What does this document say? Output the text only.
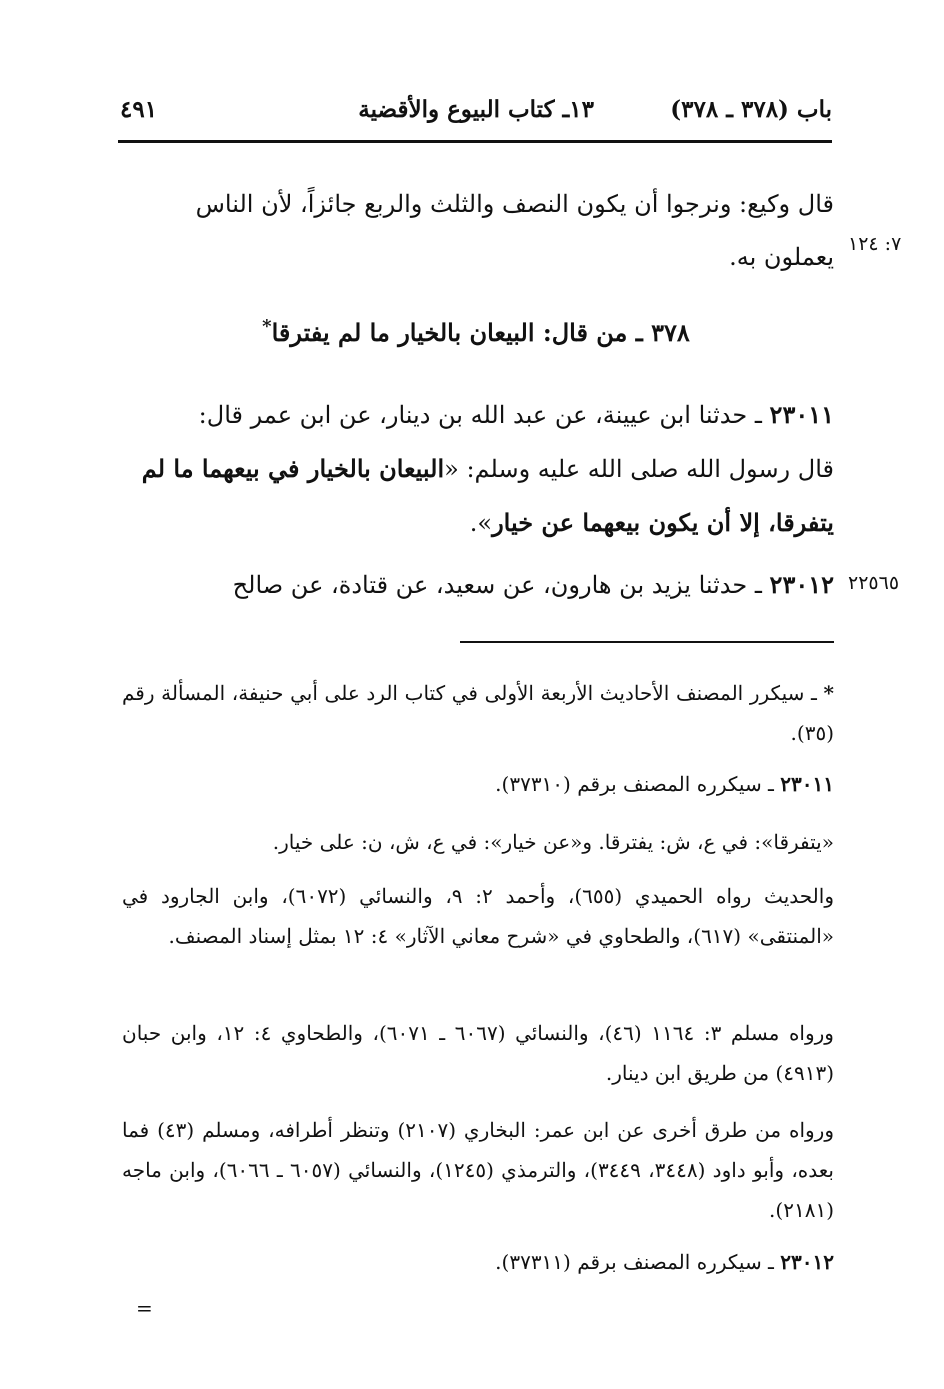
باب (٣٧٨ ـ ٣٧٨)
١٣ـ كتاب البيوع والأقضية
٤٩١
قال وكيع: ونرجوا أن يكون النصف والثلث والربع جائزاً، لأن الناس
يعملون به. ٧: ١٢٤
٣٧٨ ـ من قال: البيعان بالخيار ما لم يفترقا*
٢٣٠١١ ـ حدثنا ابن عيينة، عن عبد الله بن دينار، عن ابن عمر قال:
قال رسول الله صلى الله عليه وسلم: «البيعان بالخيار في بيعهما ما لم
يتفرقا، إلا أن يكون بيعهما عن خيار».
٢٣٠١٢ ـ حدثنا يزيد بن هارون، عن سعيد، عن قتادة، عن صالح	٢٢٥٦٥
* ـ سيكرر المصنف الأحاديث الأربعة الأولى في كتاب الرد على أبي حنيفة، المسألة رقم (٣٥).
٢٣٠١١ ـ سيكرره المصنف برقم (٣٧٣١٠).
«يتفرقا»: في ع، ش: يفترقا. و«عن خيار»: في ع، ش، ن: على خيار.
والحديث رواه الحميدي (٦٥٥)، وأحمد ٢: ٩، والنسائي (٦٠٧٢)، وابن الجارود في «المنتقى» (٦١٧)، والطحاوي في «شرح معاني الآثار» ٤: ١٢ بمثل إسناد المصنف.
ورواه مسلم ٣: ١١٦٤ (٤٦)، والنسائي (٦٠٦٧ ـ ٦٠٧١)، والطحاوي ٤: ١٢، وابن حبان (٤٩١٣) من طريق ابن دينار.
ورواه من طرق أخرى عن ابن عمر: البخاري (٢١٠٧) وتنظر أطرافه، ومسلم (٤٣) فما بعده، وأبو داود (٣٤٤٨، ٣٤٤٩)، والترمذي (١٢٤٥)، والنسائي (٦٠٥٧ ـ ٦٠٦٦)، وابن ماجه (٢١٨١).
٢٣٠١٢ ـ سيكرره المصنف برقم (٣٧٣١١).
=
